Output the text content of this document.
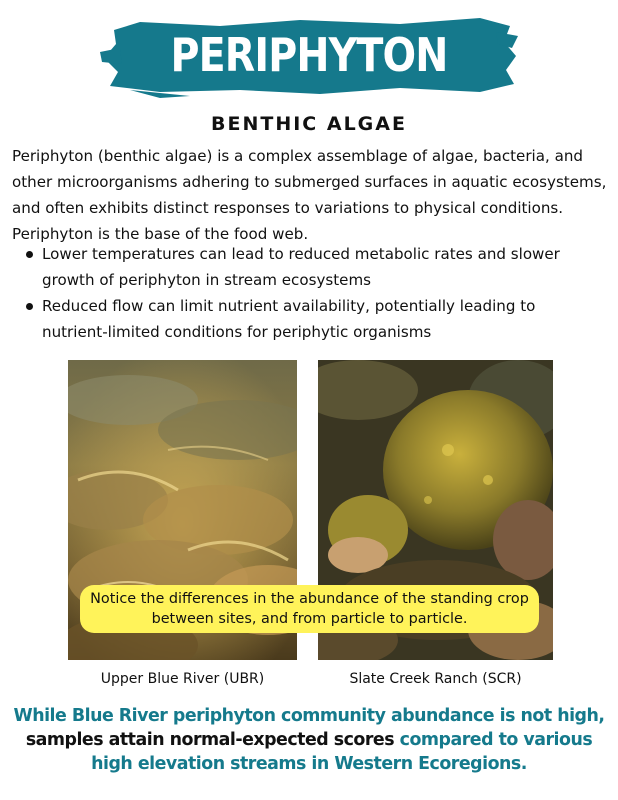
PERIPHYTON
BENTHIC ALGAE

Periphyton (benthic algae) is a complex assemblage of algae, bacteria, and other microorganisms adhering to submerged surfaces in aquatic ecosystems, and often exhibits distinct responses to variations to physical conditions. Periphyton is the base of the food web.

Lower temperatures can lead to reduced metabolic rates and slower growth of periphyton in stream ecosystems
Reduced flow can limit nutrient availability, potentially leading to nutrient-limited conditions for periphytic organisms
Notice the differences in the abundance of the standing crop between sites, and from particle to particle.
Upper Blue River (UBR)	Slate Creek Ranch (SCR)

While Blue River periphyton community abundance is not high, samples attain normal-expected scores compared to various high elevation streams in Western Ecoregions.
